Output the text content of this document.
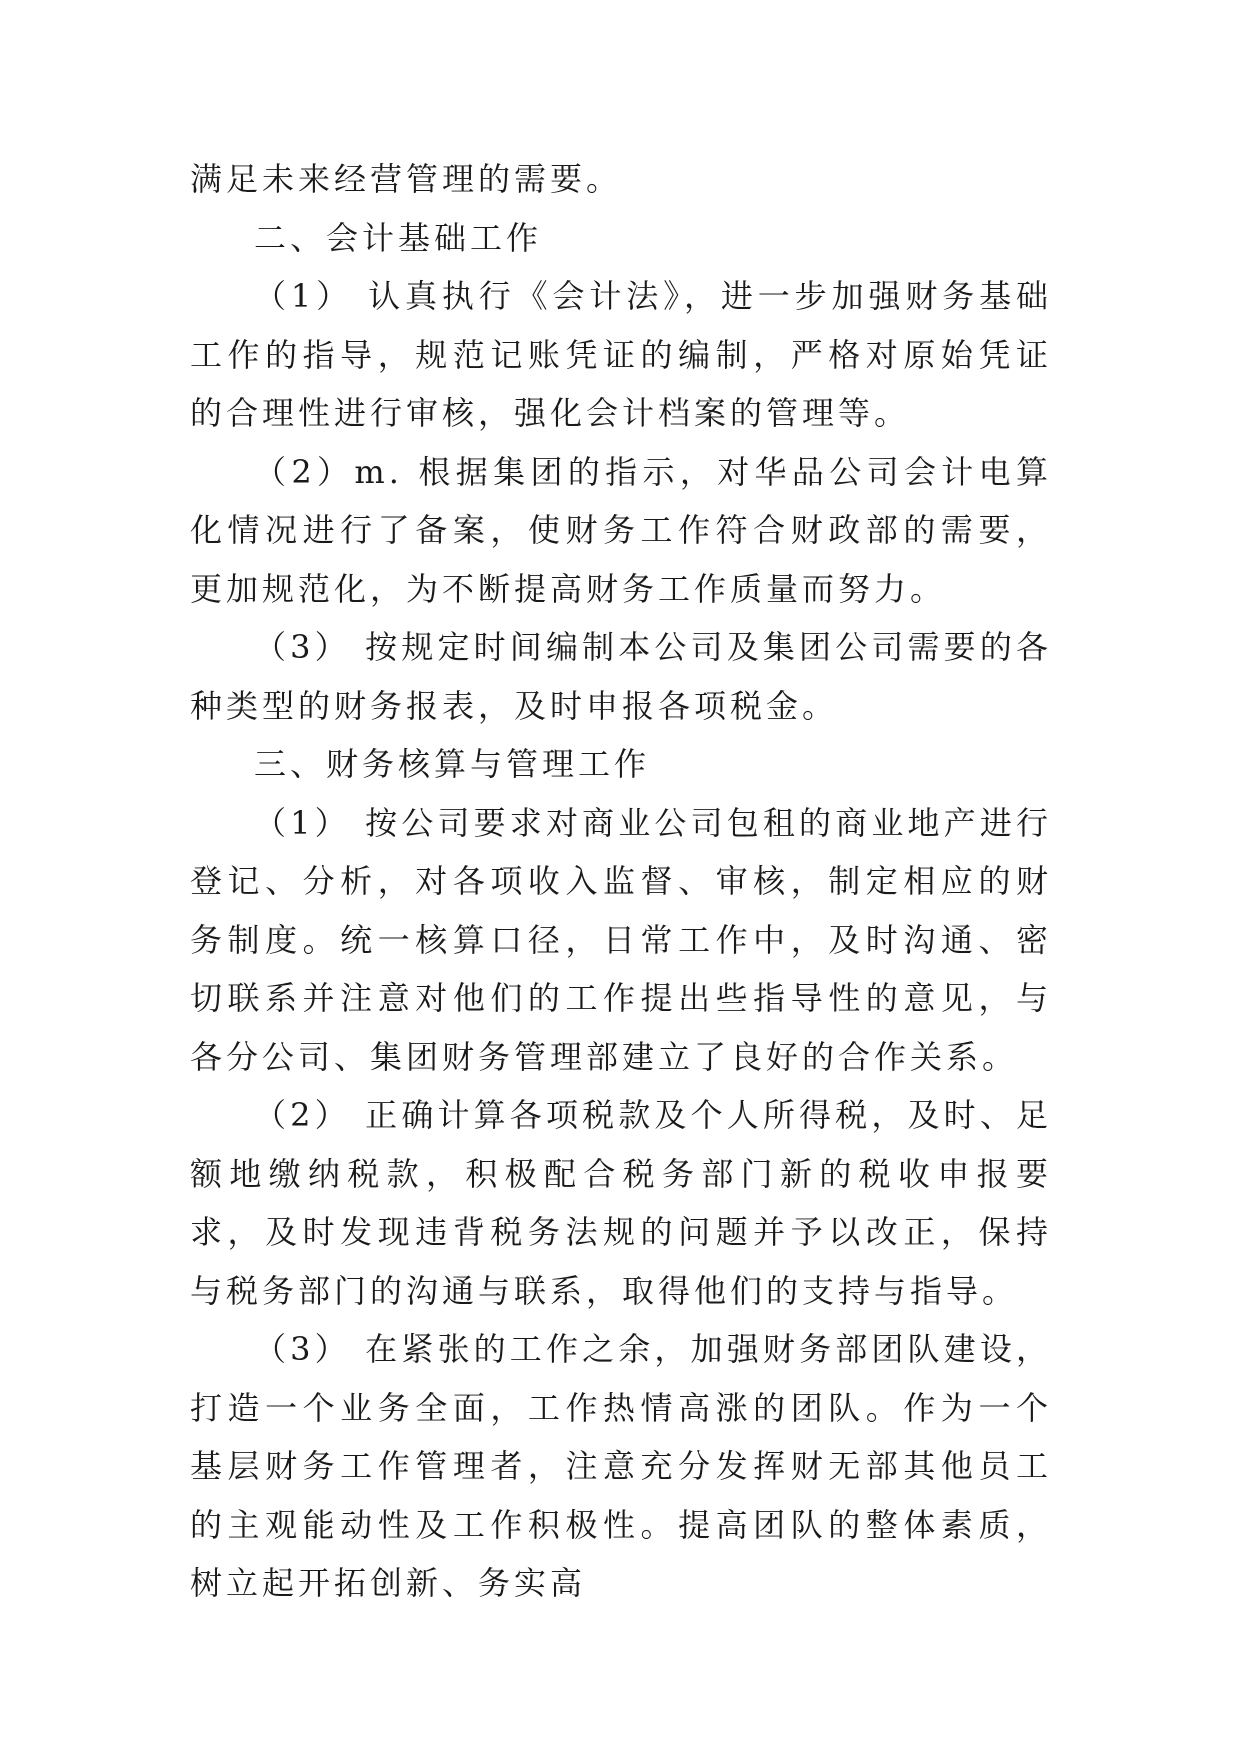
满足未来经营管理的需要。

二、会计基础工作

（1） 认真执行《会计法》，进一步加强财务基础工作的指导，规范记账凭证的编制，严格对原始凭证的合理性进行审核，强化会计档案的管理等。

（2）m. 根据集团的指示，对华品公司会计电算化情况进行了备案，使财务工作符合财政部的需要，更加规范化，为不断提高财务工作质量而努力。

（3） 按规定时间编制本公司及集团公司需要的各种类型的财务报表，及时申报各项税金。

三、财务核算与管理工作

（1） 按公司要求对商业公司包租的商业地产进行登记、分析，对各项收入监督、审核，制定相应的财务制度。统一核算口径，日常工作中，及时沟通、密切联系并注意对他们的工作提出些指导性的意见，与各分公司、集团财务管理部建立了良好的合作关系。

（2） 正确计算各项税款及个人所得税，及时、足额地缴纳税款，积极配合税务部门新的税收申报要求，及时发现违背税务法规的问题并予以改正，保持与税务部门的沟通与联系，取得他们的支持与指导。

（3） 在紧张的工作之余，加强财务部团队建设，打造一个业务全面，工作热情高涨的团队。作为一个基层财务工作管理者，注意充分发挥财无部其他员工的主观能动性及工作积极性。提高团队的整体素质，树立起开拓创新、务实高
